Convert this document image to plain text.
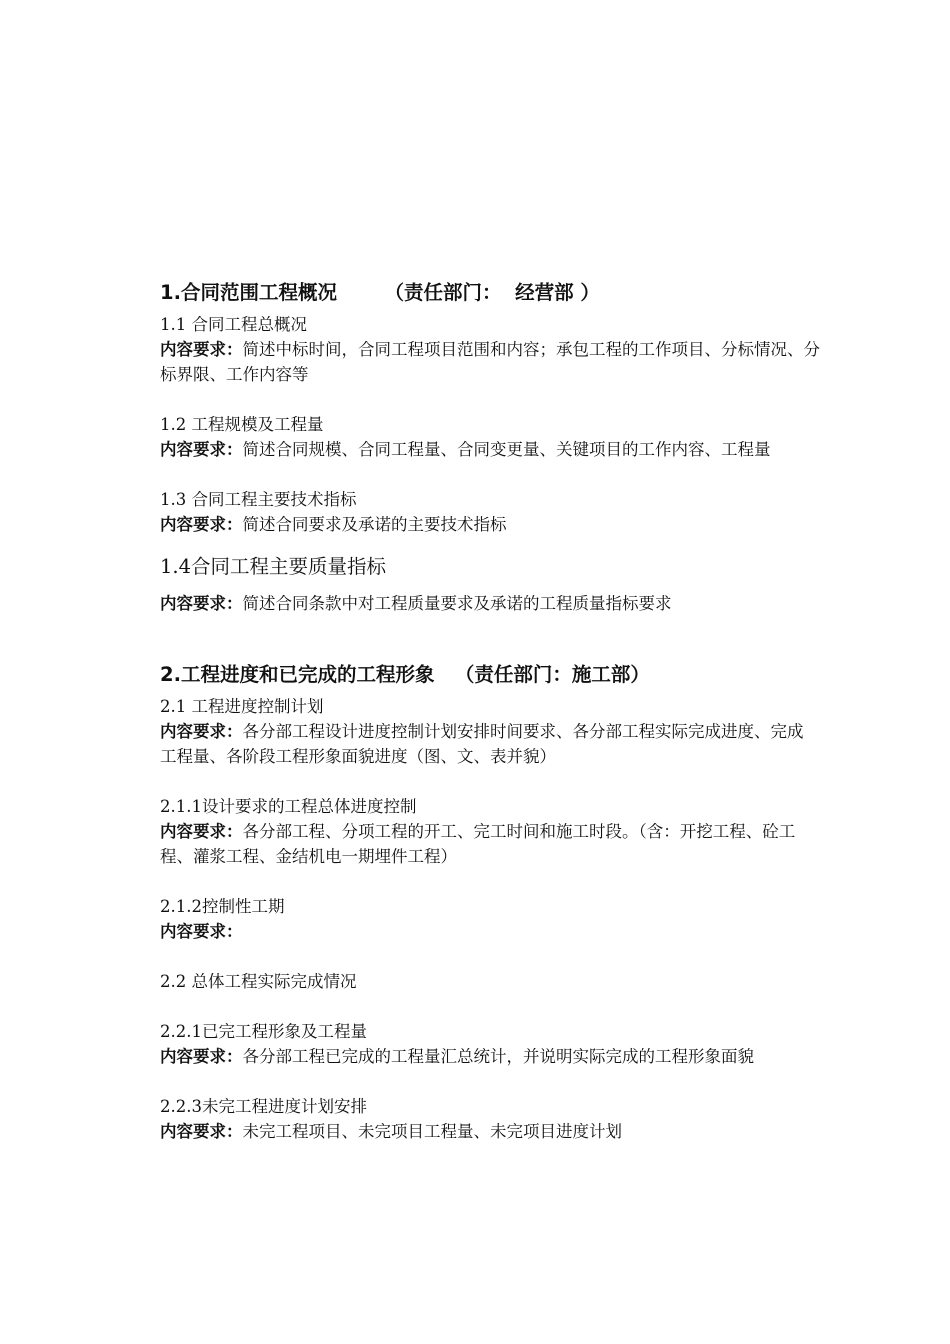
1.合同范围工程概况       （责任部门：  经营部 ）
1.1 合同工程总概况
内容要求：简述中标时间，合同工程项目范围和内容；承包工程的工作项目、分标情况、分标界限、工作内容等
1.2 工程规模及工程量
内容要求：简述合同规模、合同工程量、合同变更量、关键项目的工作内容、工程量
1.3 合同工程主要技术指标
内容要求：简述合同要求及承诺的主要技术指标
1.4合同工程主要质量指标
内容要求：简述合同条款中对工程质量要求及承诺的工程质量指标要求
2.工程进度和已完成的工程形象   （责任部门：施工部）
2.1 工程进度控制计划
内容要求：各分部工程设计进度控制计划安排时间要求、各分部工程实际完成进度、完成 工程量、各阶段工程形象面貌进度（图、文、表并貌）
2.1.1设计要求的工程总体进度控制
内容要求：各分部工程、分项工程的开工、完工时间和施工时段。（含：开挖工程、砼工程、灌浆工程、金结机电一期埋件工程）
2.1.2控制性工期
内容要求：
2.2 总体工程实际完成情况
2.2.1已完工程形象及工程量
内容要求：各分部工程已完成的工程量汇总统计，并说明实际完成的工程形象面貌
2.2.3未完工程进度计划安排
内容要求：未完工程项目、未完项目工程量、未完项目进度计划
